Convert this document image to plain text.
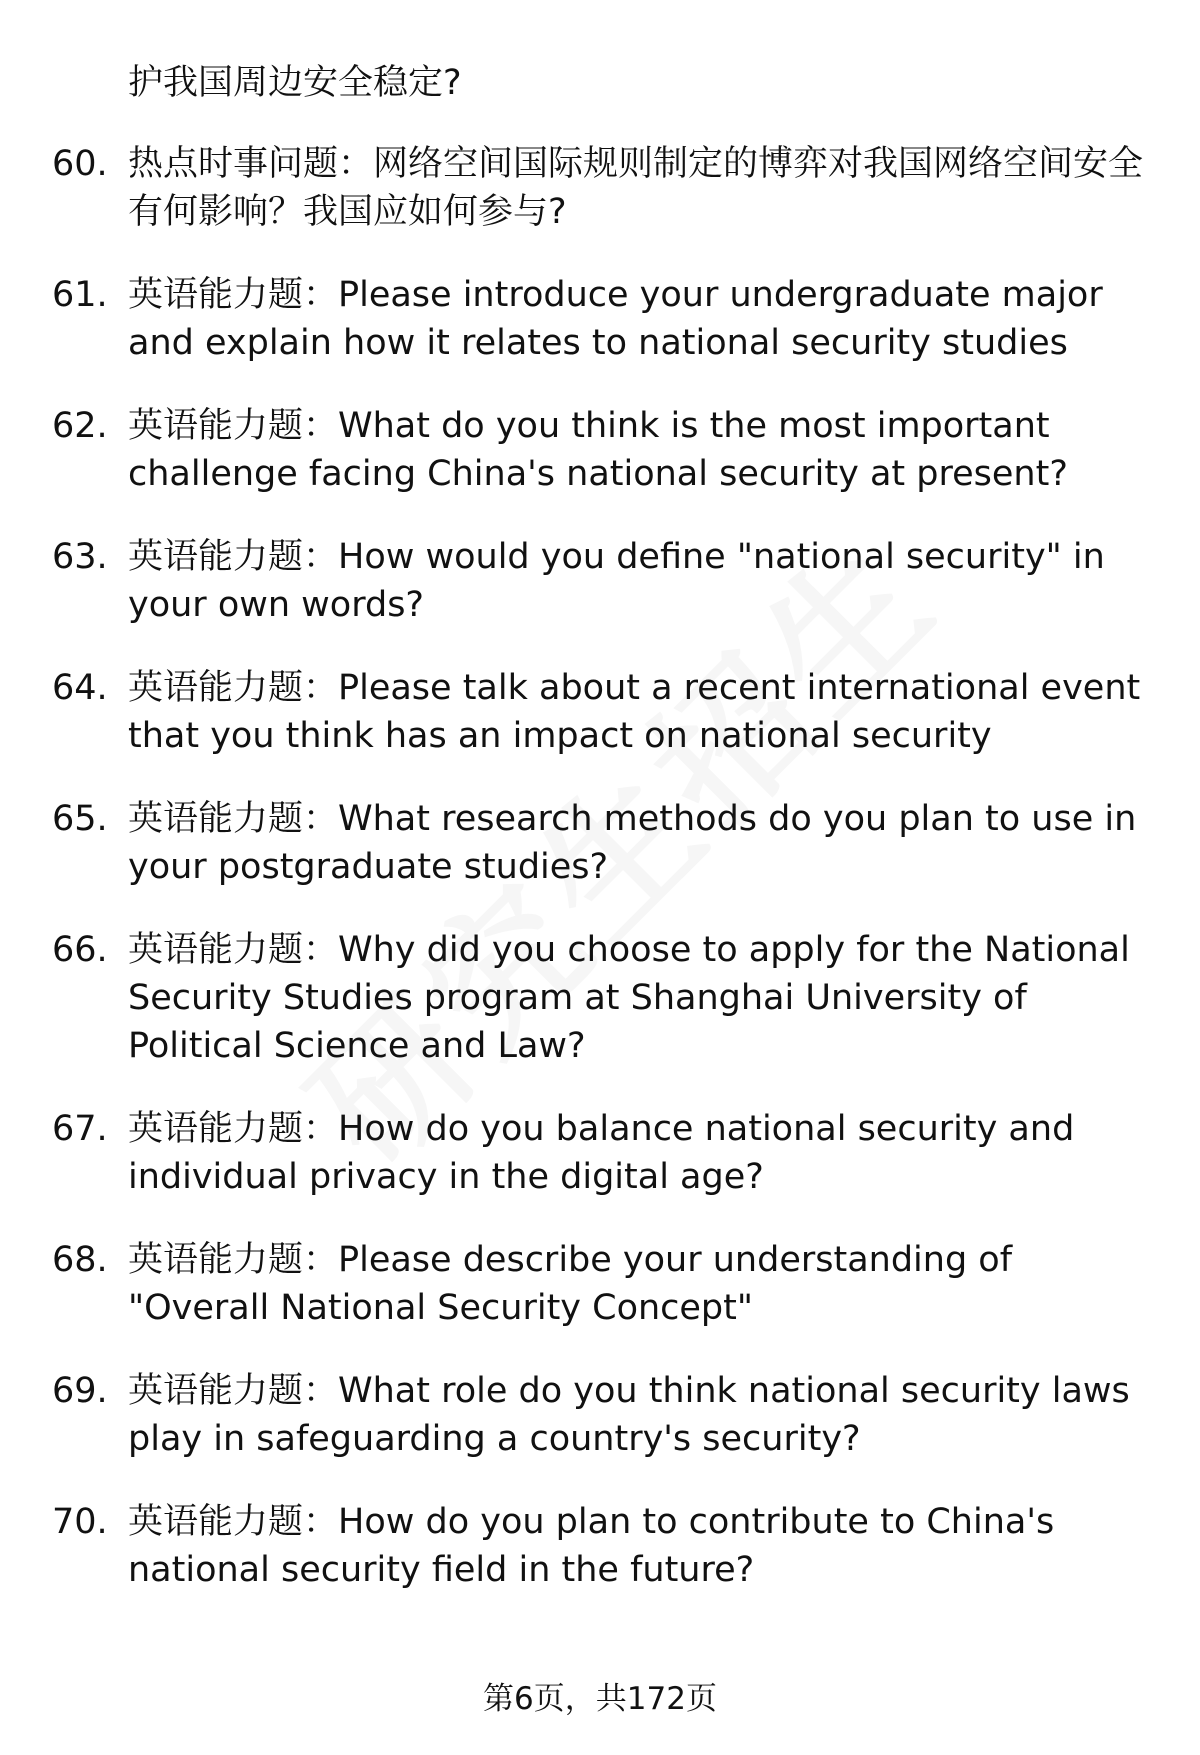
护我国周边安全稳定?
60. 热点时事问题：网络空间国际规则制定的博弈对我国网络空间安全有何影响？我国应如何参与?
61. 英语能力题：Please introduce your undergraduate major and explain how it relates to national security studies
62. 英语能力题：What do you think is the most important challenge facing China's national security at present?
63. 英语能力题：How would you define "national security" in your own words?
64. 英语能力题：Please talk about a recent international event that you think has an impact on national security
65. 英语能力题：What research methods do you plan to use in your postgraduate studies?
66. 英语能力题：Why did you choose to apply for the National Security Studies program at Shanghai University of Political Science and Law?
67. 英语能力题：How do you balance national security and individual privacy in the digital age?
68. 英语能力题：Please describe your understanding of "Overall National Security Concept"
69. 英语能力题：What role do you think national security laws play in safeguarding a country's security?
70. 英语能力题：How do you plan to contribute to China's national security field in the future?
第6页，共172页
